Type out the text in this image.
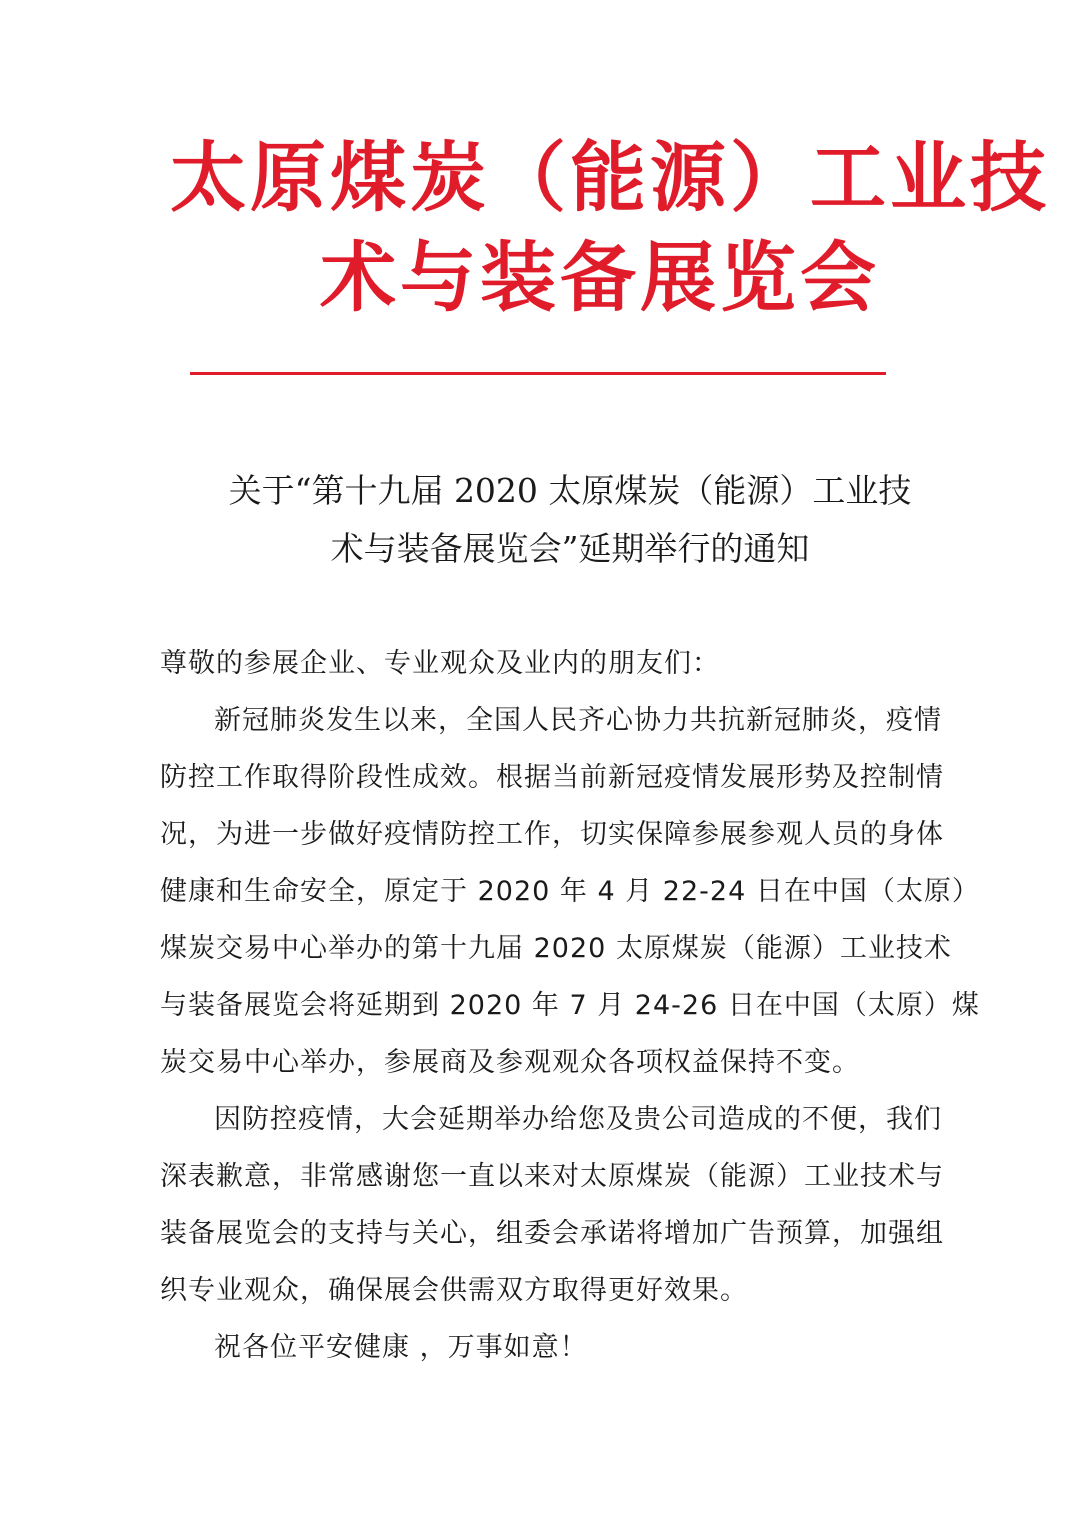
太原煤炭（能源）工业技
术与装备展览会
关于“第十九届 2020 太原煤炭（能源）工业技
术与装备展览会”延期举行的通知
尊敬的参展企业、专业观众及业内的朋友们：
新冠肺炎发生以来，全国人民齐心协力共抗新冠肺炎，疫情
防控工作取得阶段性成效。根据当前新冠疫情发展形势及控制情
况，为进一步做好疫情防控工作，切实保障参展参观人员的身体
健康和生命安全，原定于 2020 年 4 月 22-24 日在中国（太原）
煤炭交易中心举办的第十九届 2020 太原煤炭（能源）工业技术
与装备展览会将延期到 2020 年 7 月 24-26 日在中国（太原）煤
炭交易中心举办，参展商及参观观众各项权益保持不变。
因防控疫情，大会延期举办给您及贵公司造成的不便，我们
深表歉意，非常感谢您一直以来对太原煤炭（能源）工业技术与
装备展览会的支持与关心，组委会承诺将增加广告预算，加强组
织专业观众，确保展会供需双方取得更好效果。
祝各位平安健康 ，万事如意！
